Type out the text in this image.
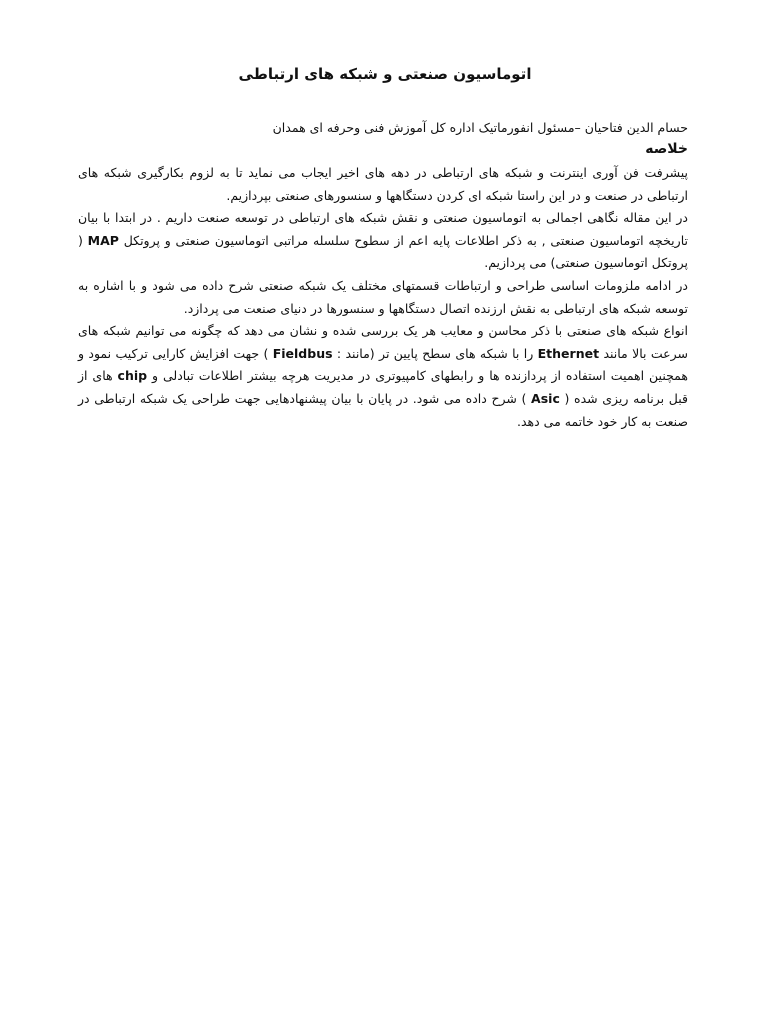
اتوماسیون صنعتی و شبکه های ارتباطی

حسام الدین فتاحیان –مسئول انفورماتیک اداره کل آموزش فنی وحرفه ای همدان

خلاصه

پیشرفت فن آوری اینترنت و شبکه های ارتباطی در دهه های اخیر ایجاب می نماید تا به لزوم بکارگیری شبکه های ارتباطی در صنعت و در این راستا شبکه ای کردن دستگاهها و سنسورهای صنعتی بپردازیم.

در این مقاله نگاهی اجمالی به اتوماسیون صنعتی و نقش شبکه های ارتباطی در توسعه صنعت داریم . در ابتدا با بیان تاریخچه اتوماسیون صنعتی , به ذکر اطلاعات پایه اعم از سطوح سلسله مراتبی اتوماسیون صنعتی و پروتکل MAP ( پروتکل اتوماسیون صنعتی) می پردازیم.

در ادامه ملزومات اساسی طراحی و ارتباطات قسمتهای مختلف یک شبکه صنعتی شرح داده می شود و با اشاره به توسعه شبکه های ارتباطی به نقش ارزنده اتصال دستگاهها و سنسورها در دنیای صنعت می پردازد.

انواع شبکه های صنعتی با ذکر محاسن و معایب هر یک بررسی شده و نشان می دهد که چگونه می توانیم شبکه های سرعت بالا مانند Ethernet را با شبکه های سطح پایین تر (مانند : Fieldbus ) جهت افزایش کارایی ترکیب نمود و همچنین اهمیت استفاده از پردازنده ها و رابطهای کامپیوتری در مدیریت هرچه بیشتر اطلاعات تبادلی و chip های از قبل برنامه ریزی شده ( Asic ) شرح داده می شود. در پایان با بیان پیشنهادهایی جهت طراحی یک شبکه ارتباطی در صنعت به کار خود خاتمه می دهد.
